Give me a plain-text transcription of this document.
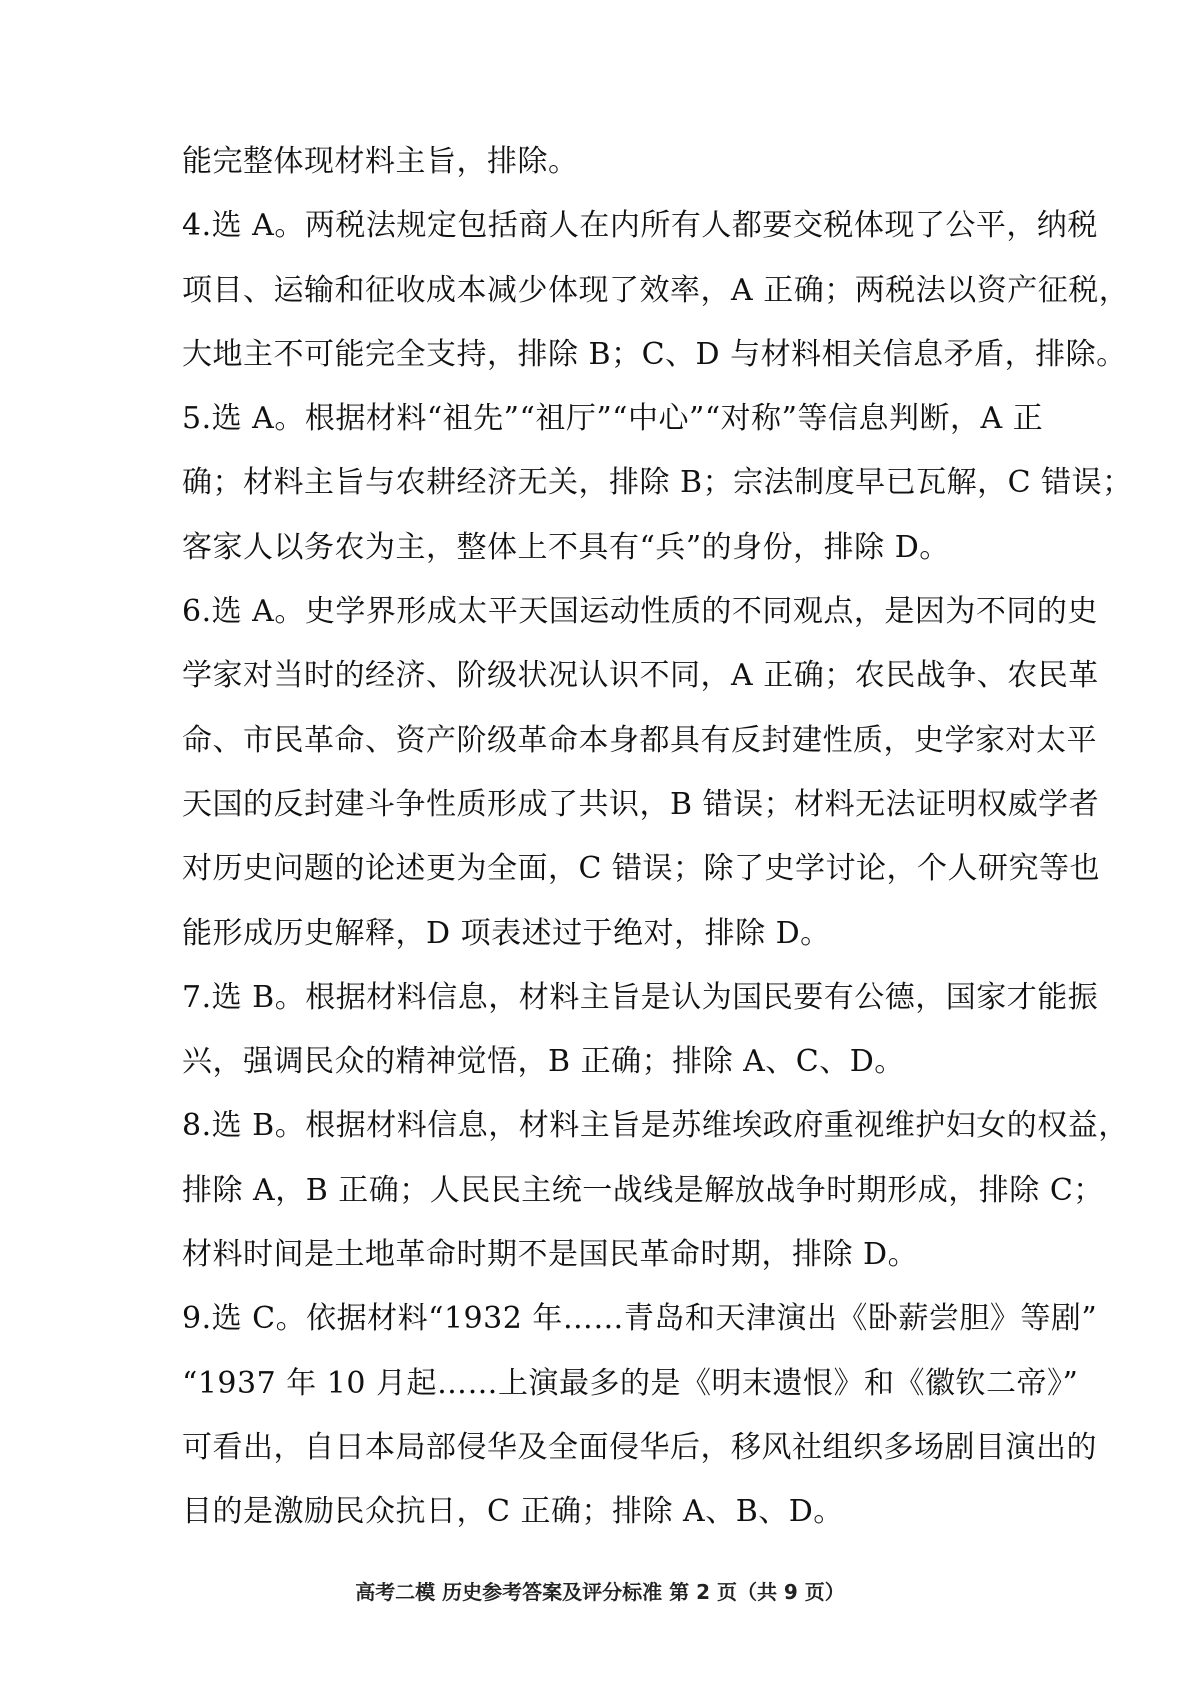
能完整体现材料主旨，排除。
4.选 A。两税法规定包括商人在内所有人都要交税体现了公平，纳税
项目、运输和征收成本减少体现了效率，A 正确；两税法以资产征税，
大地主不可能完全支持，排除 B；C、D 与材料相关信息矛盾，排除。
5.选 A。根据材料“祖先”“祖厅”“中心”“对称”等信息判断，A 正
确；材料主旨与农耕经济无关，排除 B；宗法制度早已瓦解，C 错误；
客家人以务农为主，整体上不具有“兵”的身份，排除 D。
6.选 A。史学界形成太平天国运动性质的不同观点，是因为不同的史
学家对当时的经济、阶级状况认识不同，A 正确；农民战争、农民革
命、市民革命、资产阶级革命本身都具有反封建性质，史学家对太平
天国的反封建斗争性质形成了共识，B 错误；材料无法证明权威学者
对历史问题的论述更为全面，C 错误；除了史学讨论，个人研究等也
能形成历史解释，D 项表述过于绝对，排除 D。
7.选 B。根据材料信息，材料主旨是认为国民要有公德，国家才能振
兴，强调民众的精神觉悟，B 正确；排除 A、C、D。
8.选 B。根据材料信息，材料主旨是苏维埃政府重视维护妇女的权益，
排除 A，B 正确；人民民主统一战线是解放战争时期形成，排除 C；
材料时间是土地革命时期不是国民革命时期，排除 D。
9.选 C。依据材料“1932 年……青岛和天津演出《卧薪尝胆》等剧”
“1937 年 10 月起……上演最多的是《明末遗恨》和《徽钦二帝》”
可看出，自日本局部侵华及全面侵华后，移风社组织多场剧目演出的
目的是激励民众抗日，C 正确；排除 A、B、D。
高考二模 历史参考答案及评分标准 第 2 页（共 9 页）
